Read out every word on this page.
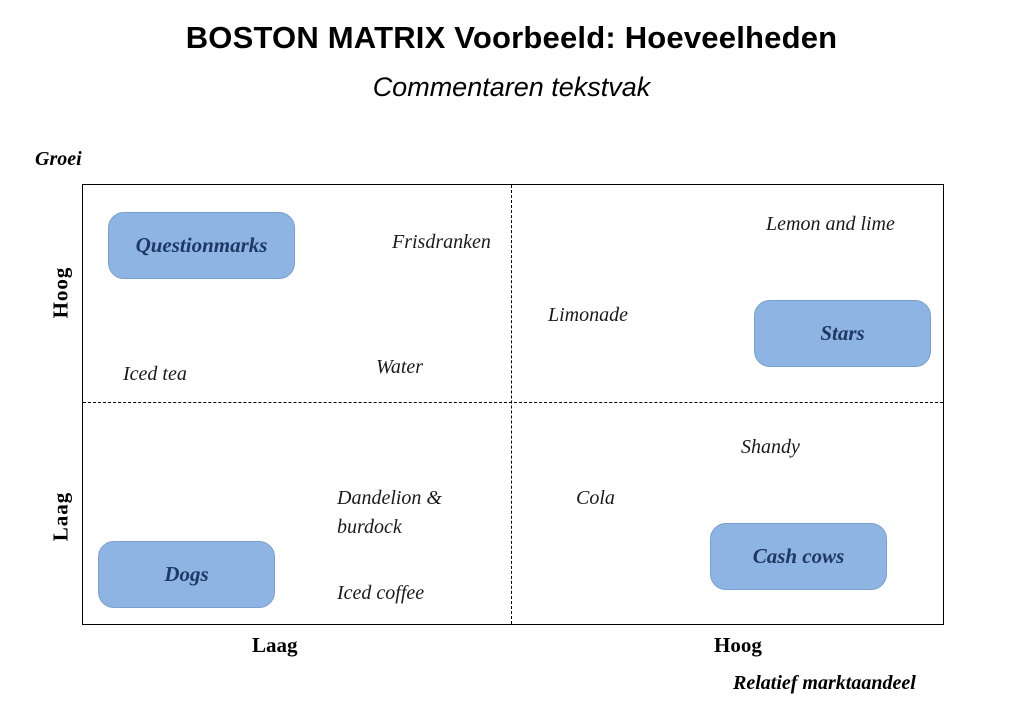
BOSTON MATRIX Voorbeeld: Hoeveelheden
Commentaren tekstvak
Groei
Relatief marktaandeel
Hoog
Laag
Laag	Hoog
Questionmarks
Stars
Dogs
Cash cows
Frisdranken
Lemon and lime
Limonade
Iced tea	Water
Shandy
Cola
Dandelion & burdock
Iced coffee
